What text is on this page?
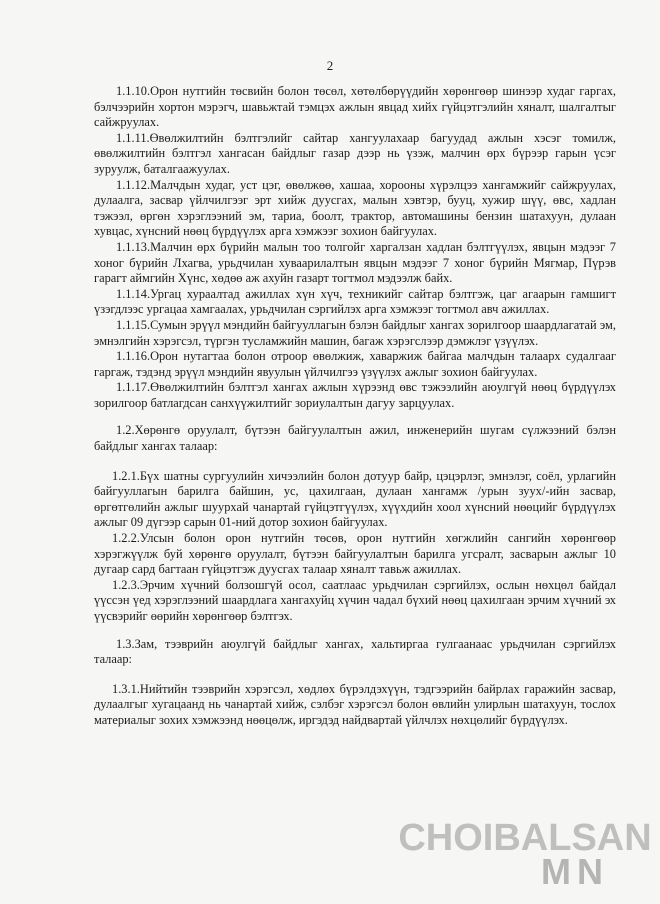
2

1.1.10.Орон нутгийн төсвийн болон төсөл, хөтөлбөрүүдийн хөрөнгөөр шинээр худаг гаргах, бэлчээрийн хортон мэрэгч, шавьжтай тэмцэх ажлын явцад хийх гүйцэтгэлийн хяналт, шалгалтыг сайжруулах.

1.1.11.Өвөлжилтийн бэлтгэлийг сайтар хангуулахаар багуудад ажлын хэсэг томилж, өвөлжилтийн бэлтгэл хангасан байдлыг газар дээр нь үзэж, малчин өрх бүрээр гарын үсэг зуруулж, баталгаажуулах.

1.1.12.Малчдын худаг, уст цэг, өвөлжөө, хашаа, хорооны хүрэлцээ хангамжийг сайжруулах, дулаалга, засвар үйлчилгээг эрт хийж дуусгах, малын хэвтэр, бууц, хужир шүү, өвс, хадлан тэжээл, өргөн хэрэглээний эм, тариа, боолт, трактор, автомашины бензин шатахуун, дулаан хувцас, хүнсний нөөц бүрдүүлэх арга хэмжээг зохион байгуулах.

1.1.13.Малчин өрх бүрийн малын тоо толгойг харгалзан хадлан бэлтгүүлэх, явцын мэдээг 7 хоног бүрийн Лхагва, урьдчилан хуваарилалтын явцын мэдээг 7 хоног бүрийн Мягмар, Пүрэв гарагт аймгийн Хүнс, хөдөө аж ахуйн газарт тогтмол мэдээлж байх.

1.1.14.Ургац хураалтад ажиллах хүн хүч, техникийг сайтар бэлтгэж, цаг агаарын гамшигт үзэгдлээс ургацаа хамгаалах, урьдчилан сэргийлэх арга хэмжээг тогтмол авч ажиллах.

1.1.15.Сумын эрүүл мэндийн байгууллагын бэлэн байдлыг хангах зорилгоор шаардлагатай эм, эмнэлгийн хэрэгсэл, түргэн тусламжийн машин, багаж хэрэгслээр дэмжлэг үзүүлэх.

1.1.16.Орон нутагтаа болон отроор өвөлжиж, хаваржиж байгаа малчдын талаарх судалгааг гаргаж, тэдэнд эрүүл мэндийн явуулын үйлчилгээ үзүүлэх ажлыг зохион байгуулах.

1.1.17.Өвөлжилтийн бэлтгэл хангах ажлын хүрээнд өвс тэжээлийн аюулгүй нөөц бүрдүүлэх зорилгоор батлагдсан санхүүжилтийг зориулалтын дагуу зарцуулах.

1.2.Хөрөнгө оруулалт, бүтээн байгуулалтын ажил, инженерийн шугам сүлжээний бэлэн байдлыг хангах талаар:

1.2.1.Бүх шатны сургуулийн хичээлийн болон дотуур байр, цэцэрлэг, эмнэлэг, соёл, урлагийн байгууллагын барилга байшин, ус, цахилгаан, дулаан хангамж /урын зуух/-ийн засвар, өргөтгөлийн ажлыг шуурхай чанартай гүйцэтгүүлэх, хүүхдийн хоол хүнсний нөөцийг бүрдүүлэх ажлыг 09 дүгээр сарын 01-ний дотор зохион байгуулах.

1.2.2.Улсын болон орон нутгийн төсөв, орон нутгийн хөгжлийн сангийн хөрөнгөөр хэрэгжүүлж буй хөрөнгө оруулалт, бүтээн байгуулалтын барилга угсралт, засварын ажлыг 10 дугаар сард багтаан гүйцэтгэж дуусгах талаар хяналт тавьж ажиллах.

1.2.3.Эрчим хүчний болзошгүй осол, саатлаас урьдчилан сэргийлэх, ослын нөхцөл байдал үүссэн үед хэрэглээний шаардлага хангахуйц хүчин чадал бүхий нөөц цахилгаан эрчим хүчний эх үүсвэрийг өөрийн хөрөнгөөр бэлтгэх.

1.3.Зам, тээврийн аюулгүй байдлыг хангах, хальтиргаа гулгаанаас урьдчилан сэргийлэх талаар:

1.3.1.Нийтийн тээврийн хэрэгсэл, хөдлөх бүрэлдэхүүн, тэдгээрийн байрлах гаражийн засвар, дулаалгыг хугацаанд нь чанартай хийж, сэлбэг хэрэгсэл болон өвлийн улирлын шатахуун, тослох материалыг зохих хэмжээнд нөөцөлж, иргэдэд найдвартай үйлчлэх нөхцөлийг бүрдүүлэх.

CHOIBALSAN
MN
